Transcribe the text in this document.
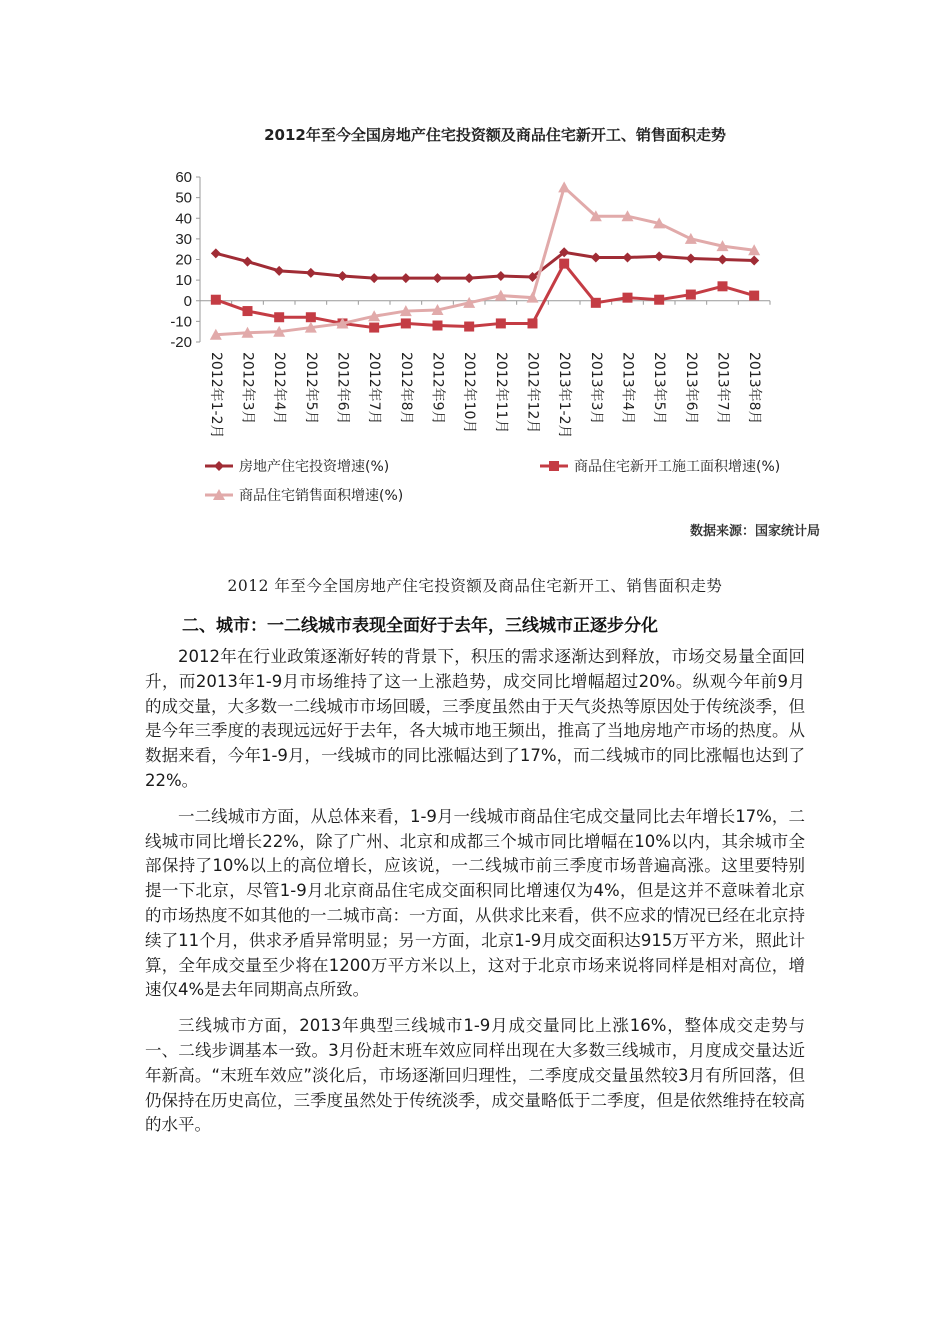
2012年至今全国房地产住宅投资额及商品住宅新开工、销售面积走势
-20
-10
0
10
20
30
40
50
60
2012年1-2月 2012年3月 2012年4月 2012年5月 2012年6月 2012年7月 2012年8月 2012年9月 2012年10月 2012年11月 2012年12月 2013年1-2月 2013年3月 2013年4月 2013年5月 2013年6月 2013年7月 2013年8月
房地产住宅投资增速(%)	商品住宅新开工施工面积增速(%)
商品住宅销售面积增速(%)
数据来源：国家统计局
2012 年至今全国房地产住宅投资额及商品住宅新开工、销售面积走势
二、城市：一二线城市表现全面好于去年，三线城市正逐步分化

2012年在行业政策逐渐好转的背景下，积压的需求逐渐达到释放，市场交易量全面回升，而2013年1-9月市场维持了这一上涨趋势，成交同比增幅超过20%。纵观今年前9月的成交量，大多数一二线城市市场回暖，三季度虽然由于天气炎热等原因处于传统淡季，但是今年三季度的表现远远好于去年，各大城市地王频出，推高了当地房地产市场的热度。从数据来看，今年1-9月，一线城市的同比涨幅达到了17%，而二线城市的同比涨幅也达到了22%。

一二线城市方面，从总体来看，1-9月一线城市商品住宅成交量同比去年增长17%，二线城市同比增长22%，除了广州、北京和成都三个城市同比增幅在10%以内，其余城市全部保持了10%以上的高位增长，应该说，一二线城市前三季度市场普遍高涨。这里要特别提一下北京，尽管1-9月北京商品住宅成交面积同比增速仅为4%，但是这并不意味着北京的市场热度不如其他的一二城市高：一方面，从供求比来看，供不应求的情况已经在北京持续了11个月，供求矛盾异常明显；另一方面，北京1-9月成交面积达915万平方米，照此计算，全年成交量至少将在1200万平方米以上，这对于北京市场来说将同样是相对高位，增速仅4%是去年同期高点所致。

三线城市方面，2013年典型三线城市1-9月成交量同比上涨16%，整体成交走势与一、二线步调基本一致。3月份赶末班车效应同样出现在大多数三线城市，月度成交量达近年新高。“末班车效应”淡化后，市场逐渐回归理性，二季度成交量虽然较3月有所回落，但仍保持在历史高位，三季度虽然处于传统淡季，成交量略低于二季度，但是依然维持在较高的水平。
